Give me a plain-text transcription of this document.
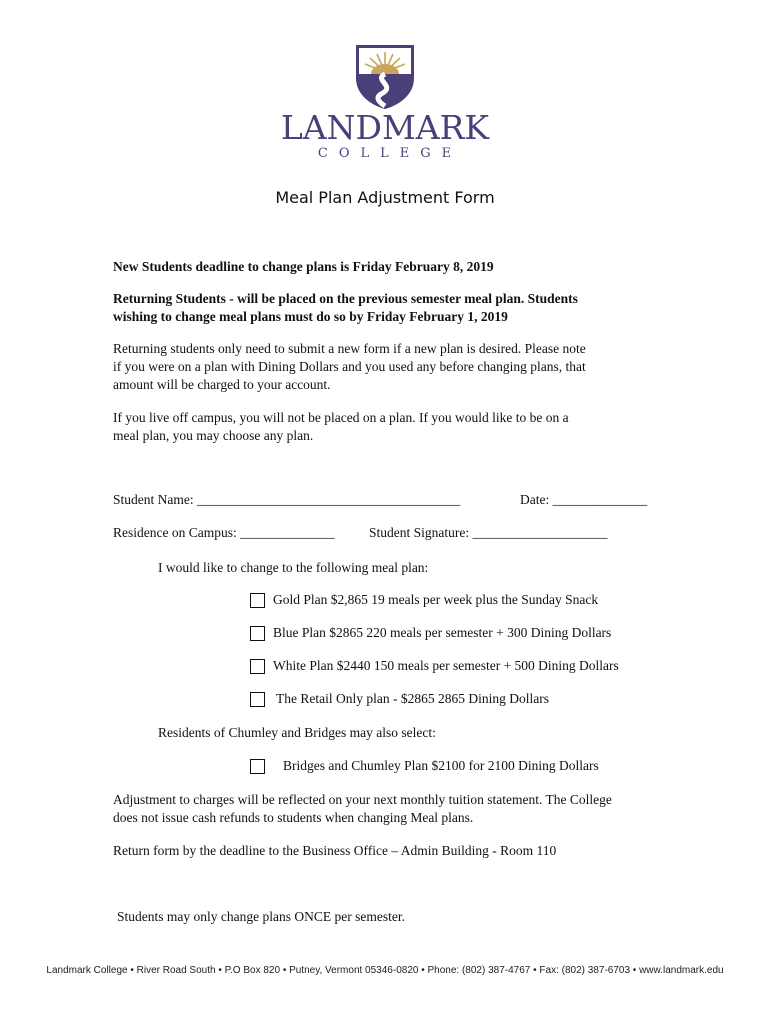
LANDMARK
COLLEGE
Meal Plan Adjustment Form
New Students deadline to change plans is Friday February 8, 2019
Returning Students - will be placed on the previous semester meal plan. Students
wishing to change meal plans must do so by Friday February 1, 2019
Returning students only need to submit a new form if a new plan is desired. Please note
if you were on a plan with Dining Dollars and you used any before changing plans, that
amount will be charged to your account.
If you live off campus, you will not be placed on a plan. If you would like to be on a
meal plan, you may choose any plan.
Student Name: _______________________________________	Date: ______________
Residence on Campus: ______________	Student Signature: ____________________
I would like to change to the following meal plan:
Gold Plan $2,865 19 meals per week plus the Sunday Snack
Blue Plan $2865 220 meals per semester + 300 Dining Dollars
White Plan $2440 150 meals per semester + 500 Dining Dollars
The Retail Only plan - $2865 2865 Dining Dollars
Residents of Chumley and Bridges may also select:
Bridges and Chumley Plan $2100 for 2100 Dining Dollars
Adjustment to charges will be reflected on your next monthly tuition statement. The College
does not issue cash refunds to students when changing Meal plans.
Return form by the deadline to the Business Office – Admin Building - Room 110
Students may only change plans ONCE per semester.
Landmark College • River Road South • P.O Box 820 • Putney, Vermont 05346-0820 • Phone: (802) 387-4767 • Fax: (802) 387-6703 • www.landmark.edu
